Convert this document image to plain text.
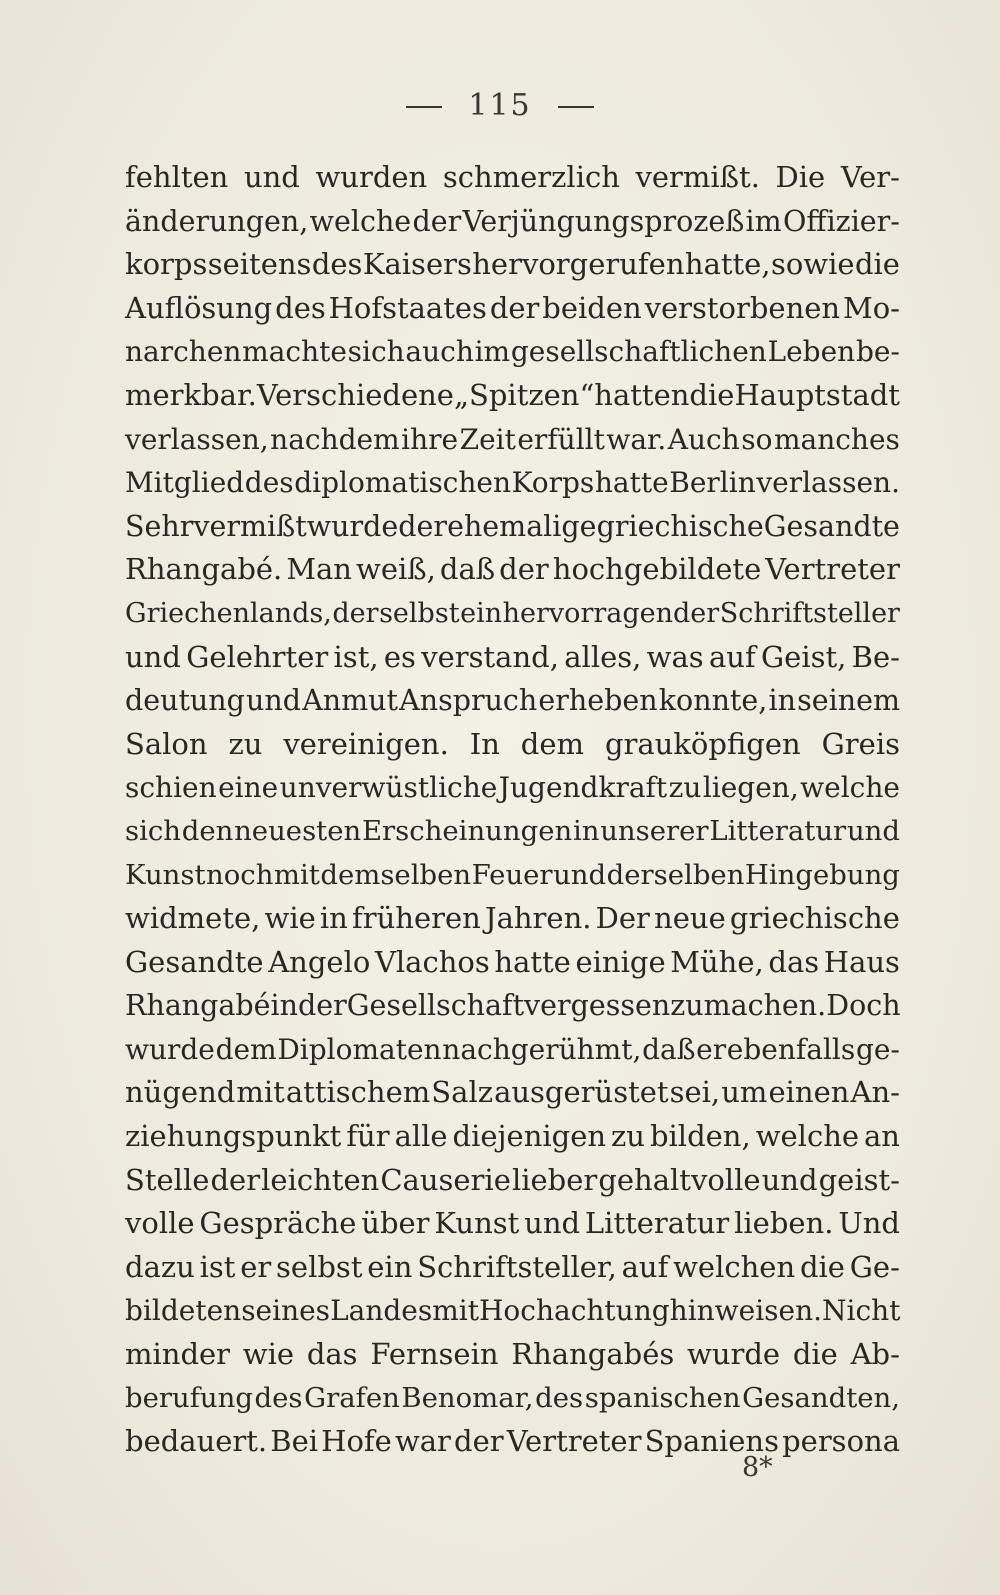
115
fehlten und wurden schmerzlich vermißt. Die Ver-
änderungen, welche der Verjüngungsprozeß im Offizier-
korps seitens des Kaisers hervorgerufen hatte, sowie die
Auflösung des Hofstaates der beiden verstorbenen Mo-
narchen machte sich auch im gesellschaftlichen Leben be-
merkbar. Verschiedene „Spitzen“ hatten die Hauptstadt
verlassen, nachdem ihre Zeit erfüllt war. Auch so manches
Mitglied des diplomatischen Korps hatte Berlin verlassen.
Sehr vermißt wurde der ehemalige griechische Gesandte
Rhangabé. Man weiß, daß der hochgebildete Vertreter
Griechenlands, der selbst ein hervorragender Schriftsteller
und Gelehrter ist, es verstand, alles, was auf Geist, Be-
deutung und Anmut Anspruch erheben konnte, in seinem
Salon zu vereinigen. In dem grauköpfigen Greis
schien eine unverwüstliche Jugendkraft zu liegen, welche
sich den neuesten Erscheinungen in unserer Litteratur und
Kunst noch mit demselben Feuer und derselben Hingebung
widmete, wie in früheren Jahren. Der neue griechische
Gesandte Angelo Vlachos hatte einige Mühe, das Haus
Rhangabé in der Gesellschaft vergessen zu machen. Doch
wurde dem Diplomaten nachgerühmt, daß er ebenfalls ge-
nügend mit attischem Salz ausgerüstet sei, um einen An-
ziehungspunkt für alle diejenigen zu bilden, welche an
Stelle der leichten Causerie lieber gehaltvolle und geist-
volle Gespräche über Kunst und Litteratur lieben. Und
dazu ist er selbst ein Schriftsteller, auf welchen die Ge-
bildeten seines Landes mit Hochachtung hinweisen. Nicht
minder wie das Fernsein Rhangabés wurde die Ab-
berufung des Grafen Benomar, des spanischen Gesandten,
bedauert. Bei Hofe war der Vertreter Spaniens persona
8*
